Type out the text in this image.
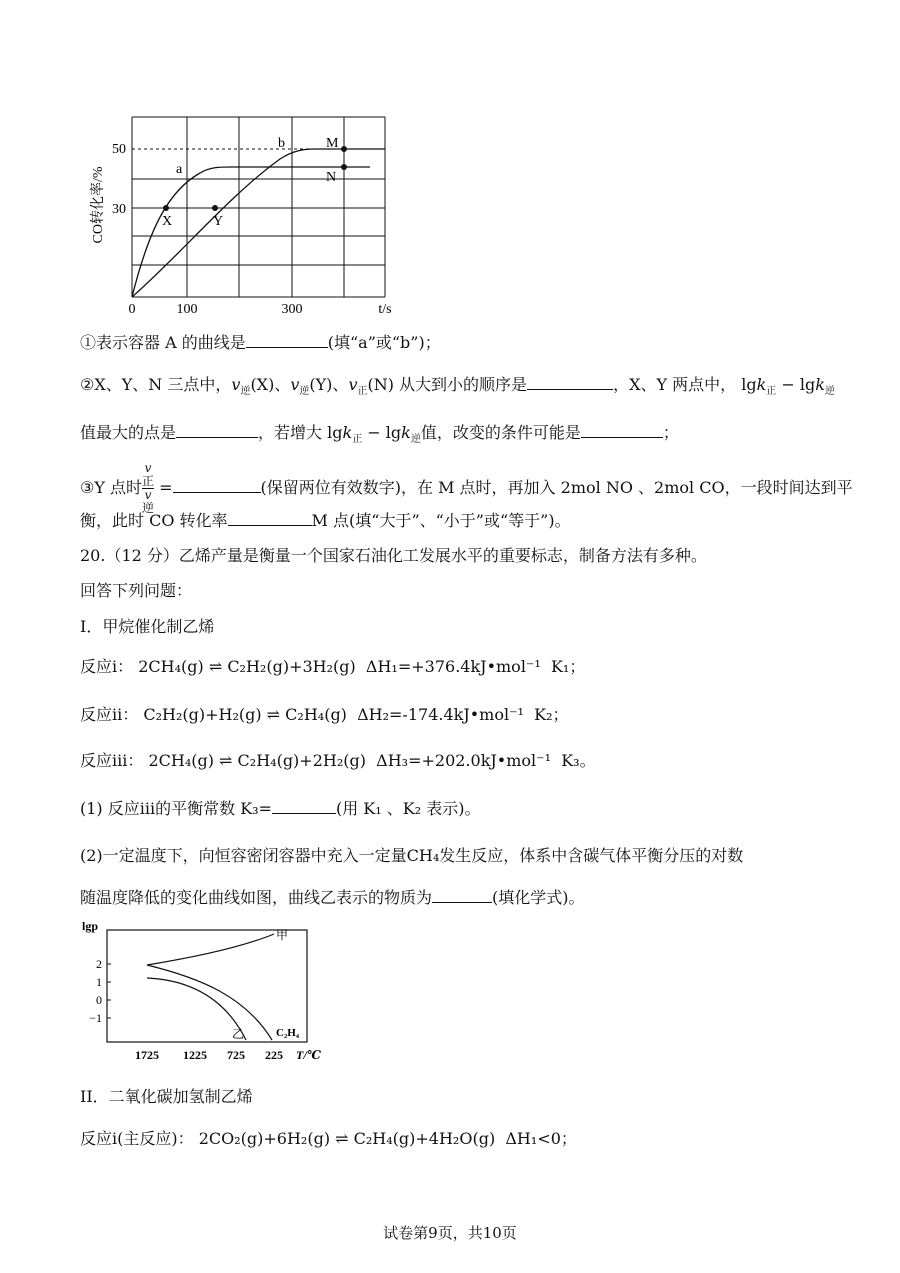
50
30
0	100	300	t/s
CO转化率/%	a
b	M
N
X	Y
①表示容器 A 的曲线是	(填“a”或“b”)；
②X、Y、N 三点中，$v_逆(X)$、$v_逆(Y)$、$v_正(N)$ 从大到小的顺序是	，X、Y 两点中， lgk$_正$ − lgk$_逆$
值最大的点是	，若增大 lgk$_正$ − lgk$_逆$值，改变的条件可能是	；
③Y 点时 v
正
v
逆 =	(保留两位有效数字)，在 M 点时，再加入 2mol NO 、2mol CO，一段时间达到平
衡，此时 CO 转化率	M 点(填“大于”、“小于”或“等于”)。
20.（12 分）乙烯产量是衡量一个国家石油化工发展水平的重要标志，制备方法有多种。
回答下列问题：
I．甲烷催化制乙烯
反应i： 2CH₄(g) ⇌ C₂H₂(g)+3H₂(g) ΔH₁=+376.4kJ•mol⁻¹ K₁；
反应ii： C₂H₂(g)+H₂(g) ⇌ C₂H₄(g) ΔH₂=-174.4kJ•mol⁻¹ K₂；
反应iii： 2CH₄(g) ⇌ C₂H₄(g)+2H₂(g) ΔH₃=+202.0kJ•mol⁻¹ K₃。
(1) 反应iii的平衡常数 K₃=	(用 K₁ 、K₂ 表示)。
(2)一定温度下，向恒容密闭容器中充入一定量CH₄发生反应，体系中含碳气体平衡分压的对数
随温度降低的变化曲线如图，曲线乙表示的物质为	(填化学式)。
lgp
2
1
0
−1
1725 1225 725 225 T/℃
甲
乙	C₂H₄
II．二氧化碳加氢制乙烯
反应i(主反应)： 2CO₂(g)+6H₂(g) ⇌ C₂H₄(g)+4H₂O(g) ΔH₁<0；
试卷第9页，共10页
